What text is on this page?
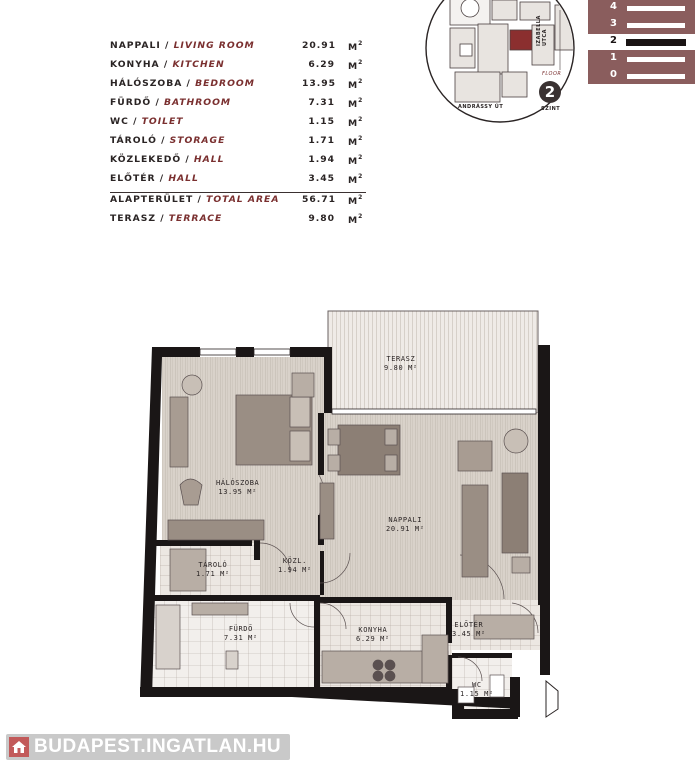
NAPPALI / LIVING ROOM	20.91 $M^2$
KONYHA / KITCHEN	6.29 $M^2$
HÁLÓSZOBA / BEDROOM	13.95 $M^2$
FÜRDŐ / BATHROOM	7.31 $M^2$
WC / TOILET	1.15 $M^2$
TÁROLÓ / STORAGE	1.71 $M^2$
KÖZLEKEDŐ / HALL	1.94 $M^2$
ELŐTÉR / HALL	3.45 $M^2$
ALAPTERÜLET / TOTAL AREA 56.71 $M^2$
TERASZ / TERRACE	9.80 $M^2$
ANDRÁSSY ÚT
IZABELLA UTCA
FLOOR
2
SZINT
4
3
2
1
0
TERASZ
9.80 M²
HÁLÓSZOBA
13.95 M²
NAPPALI
20.91 M²
TÁROLÓ
1.71 M²
KÖZL.
1.94 M²
FÜRDŐ
7.31 M²
KONYHA
6.29 M²
ELŐTÉR
3.45 M²
WC
1.15 M²
BUDAPEST.INGATLAN.HU
